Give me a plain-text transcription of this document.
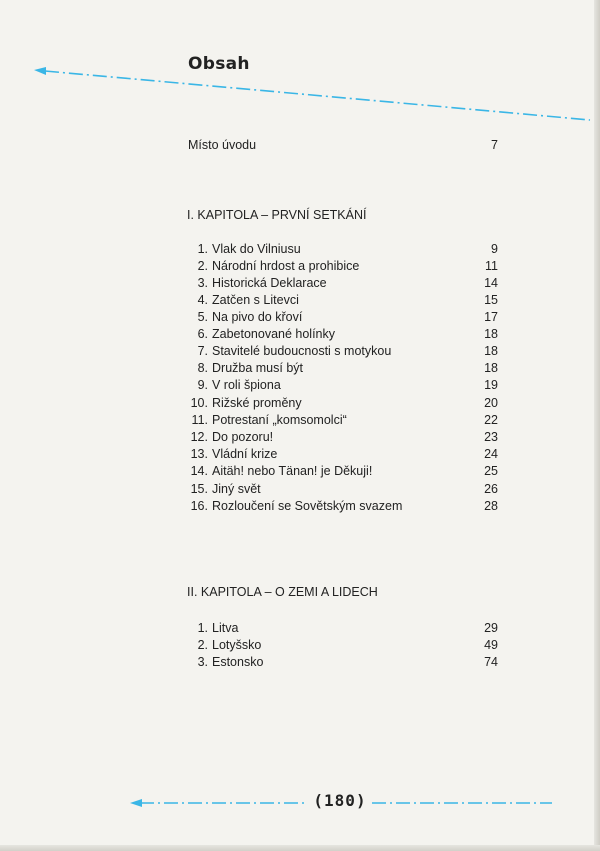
Obsah
Místo úvodu	7
I. KAPITOLA – PRVNÍ SETKÁNÍ
1. Vlak do Vilniusu	9
2. Národní hrdost a prohibice	11
3. Historická Deklarace	14
4. Zatčen s Litevci	15
5. Na pivo do křoví	17
6. Zabetonované holínky	18
7. Stavitelé budoucnosti s motykou	18
8. Družba musí být	18
9. V roli špiona	19
10. Rižské proměny	20
11. Potrestaní „komsomolci“	22
12. Do pozoru!	23
13. Vládní krize	24
14. Aitäh! nebo Tänan! je Děkuji!	25
15. Jiný svět	26
16. Rozloučení se Sovětským svazem	28
II. KAPITOLA – O ZEMI A LIDECH
1. Litva	29
2. Lotyšsko	49
3. Estonsko	74
(180)
